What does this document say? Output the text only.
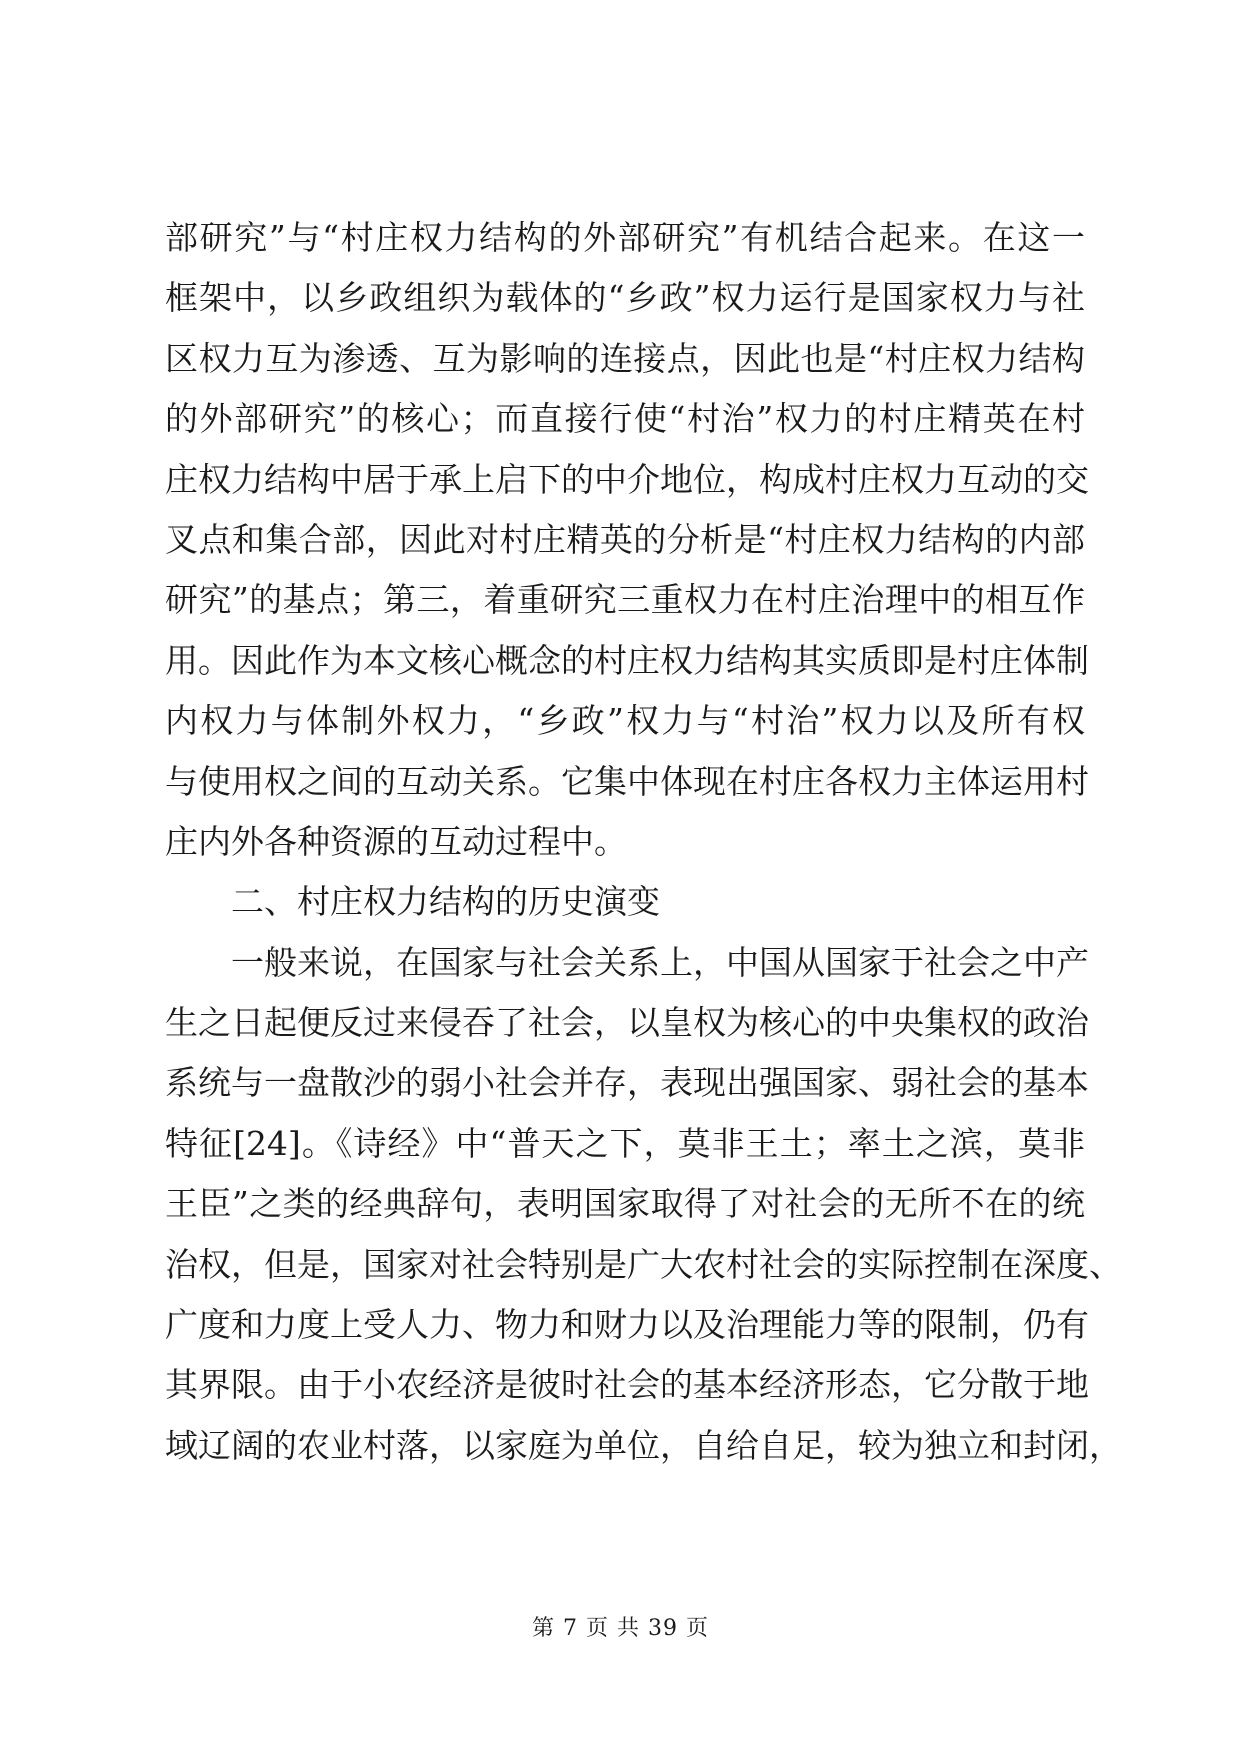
部研究”与“村庄权力结构的外部研究”有机结合起来。在这一
框架中，以乡政组织为载体的“乡政”权力运行是国家权力与社
区权力互为渗透、互为影响的连接点，因此也是“村庄权力结构
的外部研究”的核心；而直接行使“村治”权力的村庄精英在村
庄权力结构中居于承上启下的中介地位，构成村庄权力互动的交
叉点和集合部，因此对村庄精英的分析是“村庄权力结构的内部
研究”的基点；第三，着重研究三重权力在村庄治理中的相互作
用。因此作为本文核心概念的村庄权力结构其实质即是村庄体制
内权力与体制外权力，“乡政”权力与“村治”权力以及所有权
与使用权之间的互动关系。它集中体现在村庄各权力主体运用村
庄内外各种资源的互动过程中。
二、村庄权力结构的历史演变
一般来说，在国家与社会关系上，中国从国家于社会之中产
生之日起便反过来侵吞了社会，以皇权为核心的中央集权的政治
系统与一盘散沙的弱小社会并存，表现出强国家、弱社会的基本
特征[24]。《诗经》中“普天之下，莫非王土；率土之滨，莫非
王臣”之类的经典辞句，表明国家取得了对社会的无所不在的统
治权，但是，国家对社会特别是广大农村社会的实际控制在深度、
广度和力度上受人力、物力和财力以及治理能力等的限制，仍有
其界限。由于小农经济是彼时社会的基本经济形态，它分散于地
域辽阔的农业村落，以家庭为单位，自给自足，较为独立和封闭，
第 7 页 共 39 页
